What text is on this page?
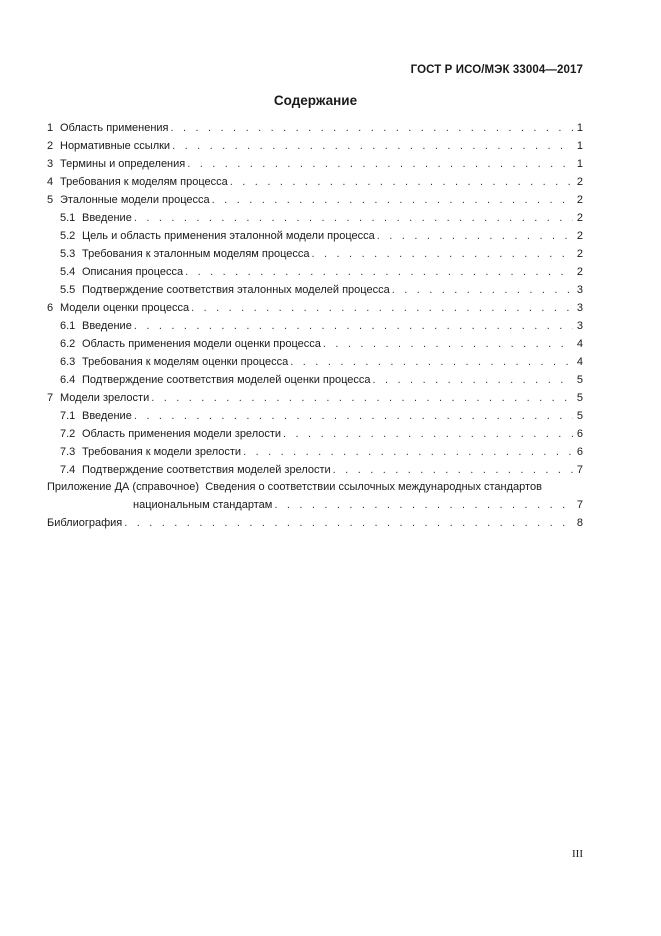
ГОСТ Р ИСО/МЭК 33004—2017
Содержание
1 Область применения . . .	1
2 Нормативные ссылки . . .	1
3 Термины и определения . . .	1
4 Требования к моделям процесса . . .	2
5 Эталонные модели процесса . . .	2
5.1 Введение . . .	2
5.2 Цель и область применения эталонной модели процесса . . .	2
5.3 Требования к эталонным моделям процесса . . .	2
5.4 Описания процесса . . .	2
5.5 Подтверждение соответствия эталонных моделей процесса . . .	3
6 Модели оценки процесса . . .	3
6.1 Введение . . .	3
6.2 Область применения модели оценки процесса . . .	4
6.3 Требования к моделям оценки процесса . . .	4
6.4 Подтверждение соответствия моделей оценки процесса . . .	5
7 Модели зрелости . . .	5
7.1 Введение . . .	5
7.2 Область применения модели зрелости . . .	6
7.3 Требования к модели зрелости . . .	6
7.4 Подтверждение соответствия моделей зрелости . . .	7
Приложение ДА (справочное) Сведения о соответствии ссылочных международных стандартов
национальным стандартам . . .	7
Библиография . . .	8
III
